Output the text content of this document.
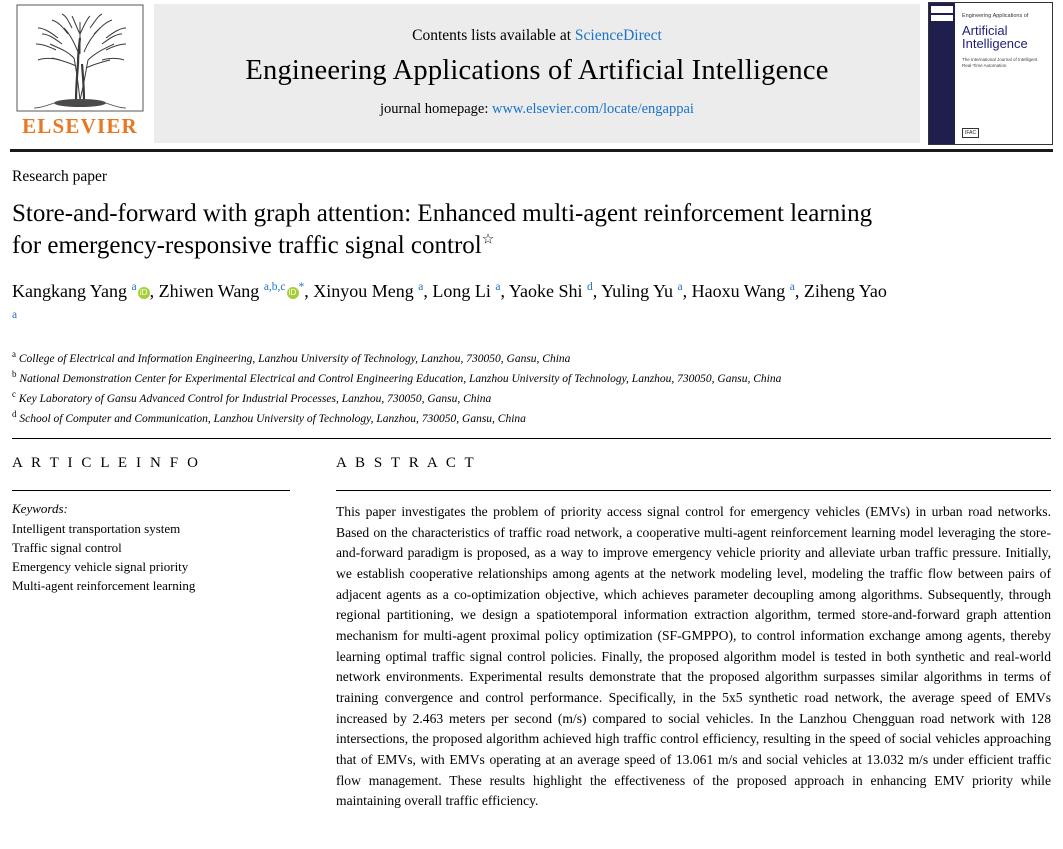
ELSEVIER
Contents lists available at ScienceDirect
Engineering Applications of Artificial Intelligence
journal homepage: www.elsevier.com/locate/engappai

Engineering Applications of
Artificial Intelligence
The International Journal of Intelligent Real-Time Automation
IFAC
Research paper
Store-and-forward with graph attention: Enhanced multi-agent reinforcement learning for emergency-responsive traffic signal control☆
Kangkang Yang $^a$ iD , Zhiwen Wang $^{a,b,c}$ iD *, Xinyou Meng $^a$, Long Li $^a$, Yaoke Shi $^d$, Yuling Yu $^a$, Haoxu Wang $^a$, Ziheng Yao $^a$
$^a$ College of Electrical and Information Engineering, Lanzhou University of Technology, Lanzhou, 730050, Gansu, China
$^b$ National Demonstration Center for Experimental Electrical and Control Engineering Education, Lanzhou University of Technology, Lanzhou, 730050, Gansu, China
$^c$ Key Laboratory of Gansu Advanced Control for Industrial Processes, Lanzhou, 730050, Gansu, China
$^d$ School of Computer and Communication, Lanzhou University of Technology, Lanzhou, 730050, Gansu, China
A R T I C L E I N F O
Keywords:
Intelligent transportation system
Traffic signal control
Emergency vehicle signal priority
Multi-agent reinforcement learning
A B S T R A C T
This paper investigates the problem of priority access signal control for emergency vehicles (EMVs) in urban road networks. Based on the characteristics of traffic road network, a cooperative multi-agent reinforcement learning model leveraging the store-and-forward paradigm is proposed, as a way to improve emergency vehicle priority and alleviate urban traffic pressure. Initially, we establish cooperative relationships among agents at the network modeling level, modeling the traffic flow between pairs of adjacent agents as a co-optimization objective, which achieves parameter decoupling among algorithms. Subsequently, through regional partitioning, we design a spatiotemporal information extraction algorithm, termed store-and-forward graph attention mechanism for multi-agent proximal policy optimization (SF-GMPPO), to control information exchange among agents, thereby learning optimal traffic signal control policies. Finally, the proposed algorithm model is tested in both synthetic and real-world network environments. Experimental results demonstrate that the proposed algorithm surpasses similar algorithms in terms of training convergence and control performance. Specifically, in the 5x5 synthetic road network, the average speed of EMVs increased by 2.463 meters per second (m/s) compared to social vehicles. In the Lanzhou Chengguan road network with 128 intersections, the proposed algorithm achieved high traffic control efficiency, resulting in the speed of social vehicles approaching that of EMVs, with EMVs operating at an average speed of 13.061 m/s and social vehicles at 13.032 m/s under efficient traffic flow management. These results highlight the effectiveness of the proposed approach in enhancing EMV priority while maintaining overall traffic efficiency.
